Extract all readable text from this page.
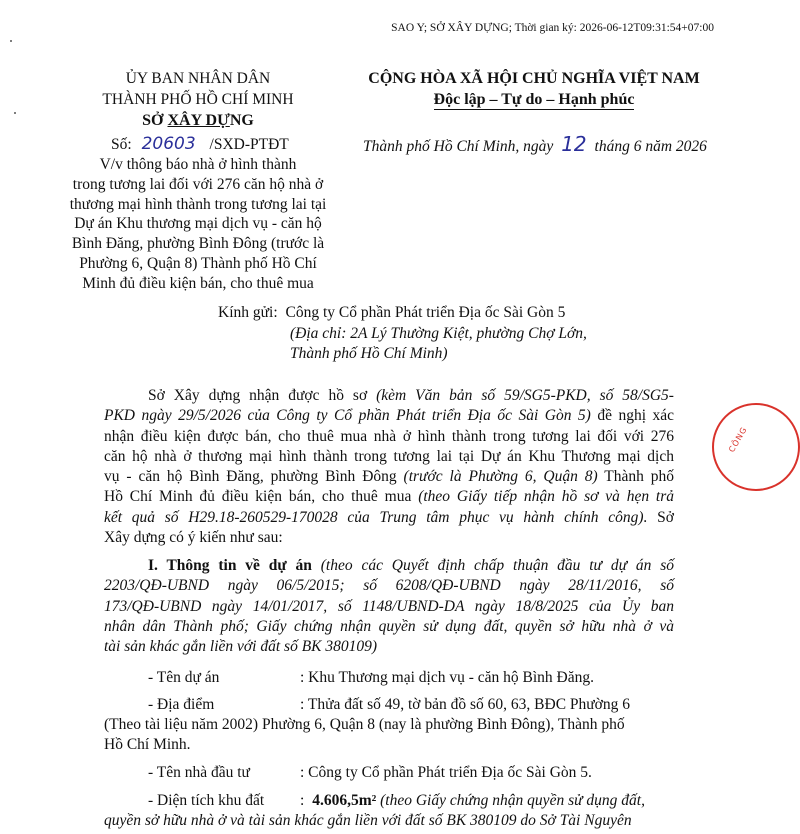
SAO Y; SỞ XÂY DỰNG; Thời gian ký: 2026-06-12T09:31:54+07:00
ỦY BAN NHÂN DÂN
THÀNH PHỐ HỒ CHÍ MINH
SỞ XÂY DỰNG
Số: 20603 /SXD-PTĐT
V/v thông báo nhà ở hình thành
trong tương lai đối với 276 căn hộ nhà ở
thương mại hình thành trong tương lai tại
Dự án Khu thương mại dịch vụ - căn hộ
Bình Đăng, phường Bình Đông (trước là
Phường 6, Quận 8) Thành phố Hồ Chí
Minh đủ điều kiện bán, cho thuê mua
CỘNG HÒA XÃ HỘI CHỦ NGHĨA VIỆT NAM
Độc lập – Tự do – Hạnh phúc
Thành phố Hồ Chí Minh, ngày 12 tháng 6 năm 2026
Kính gửi: Công ty Cổ phần Phát triển Địa ốc Sài Gòn 5
(Địa chỉ: 2A Lý Thường Kiệt, phường Chợ Lớn,
Thành phố Hồ Chí Minh)
Sở Xây dựng nhận được hồ sơ (kèm Văn bản số 59/SG5-PKD, số 58/SG5-
PKD ngày 29/5/2026 của Công ty Cổ phần Phát triển Địa ốc Sài Gòn 5) đề nghị xác
nhận điều kiện được bán, cho thuê mua nhà ở hình thành trong tương lai đối với 276
căn hộ nhà ở thương mại hình thành trong tương lai tại Dự án Khu Thương mại dịch
vụ - căn hộ Bình Đăng, phường Bình Đông (trước là Phường 6, Quận 8) Thành phố
Hồ Chí Minh đủ điều kiện bán, cho thuê mua (theo Giấy tiếp nhận hồ sơ và hẹn trả
kết quả số H29.18-260529-170028 của Trung tâm phục vụ hành chính công). Sở
Xây dựng có ý kiến như sau:
I. Thông tin về dự án (theo các Quyết định chấp thuận đầu tư dự án số
2203/QĐ-UBND ngày 06/5/2015; số 6208/QĐ-UBND ngày 28/11/2016, số
173/QĐ-UBND ngày 14/01/2017, số 1148/UBND-DA ngày 18/8/2025 của Ủy ban
nhân dân Thành phố; Giấy chứng nhận quyền sử dụng đất, quyền sở hữu nhà ở và
tài sản khác gắn liền với đất số BK 380109)
- Tên dự án	: Khu Thương mại dịch vụ - căn hộ Bình Đăng.
- Địa điểm	: Thửa đất số 49, tờ bản đồ số 60, 63, BĐC Phường 6
(Theo tài liệu năm 2002) Phường 6, Quận 8 (nay là phường Bình Đông), Thành phố
Hồ Chí Minh.
- Tên nhà đầu tư	: Công ty Cổ phần Phát triển Địa ốc Sài Gòn 5.
- Diện tích khu đất : 4.606,5m² (theo Giấy chứng nhận quyền sử dụng đất,
quyền sở hữu nhà ở và tài sản khác gắn liền với đất số BK 380109 do Sở Tài Nguyên
CÔNG
